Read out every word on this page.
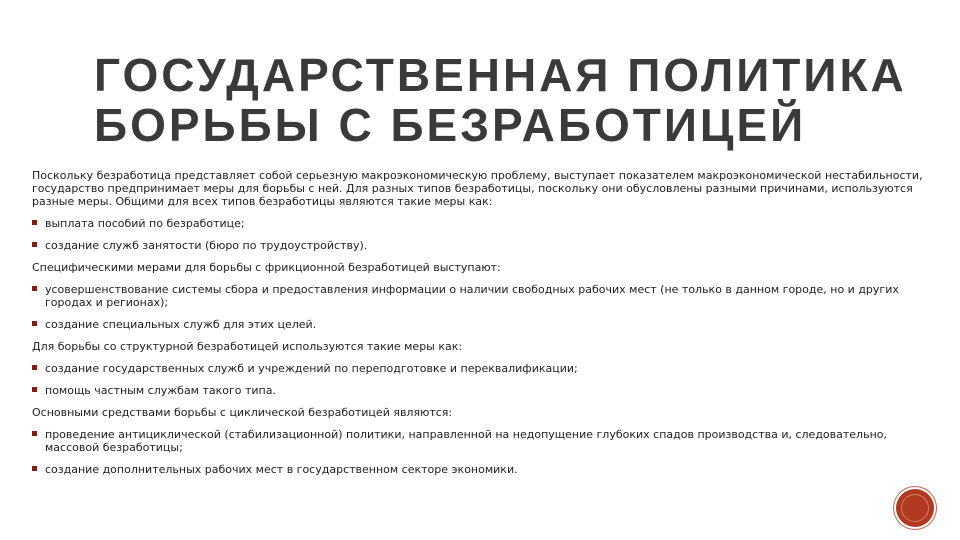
ГОСУДАРСТВЕННАЯ ПОЛИТИКА
БОРЬБЫ С БЕЗРАБОТИЦЕЙ

Поскольку безработица представляет собой серьезную макроэкономическую проблему, выступает показателем макроэкономической нестабильности, государство предпринимает меры для борьбы с ней. Для разных типов безработицы, поскольку они обусловлены разными причинами, используются разные меры. Общими для всех типов безработицы являются такие меры как:

выплата пособий по безработице;
создание служб занятости (бюро по трудоустройству).

Специфическими мерами для борьбы с фрикционной безработицей выступают:

усовершенствование системы сбора и предоставления информации о наличии свободных рабочих мест (не только в данном городе, но и других городах и регионах);
создание специальных служб для этих целей.

Для борьбы со структурной безработицей используются такие меры как:

создание государственных служб и учреждений по переподготовке и переквалификации;
помощь частным службам такого типа.

Основными средствами борьбы с циклической безработицей являются:

проведение антициклической (стабилизационной) политики, направленной на недопущение глубоких спадов производства и, следовательно, массовой безработицы;
создание дополнительных рабочих мест в государственном секторе экономики.
